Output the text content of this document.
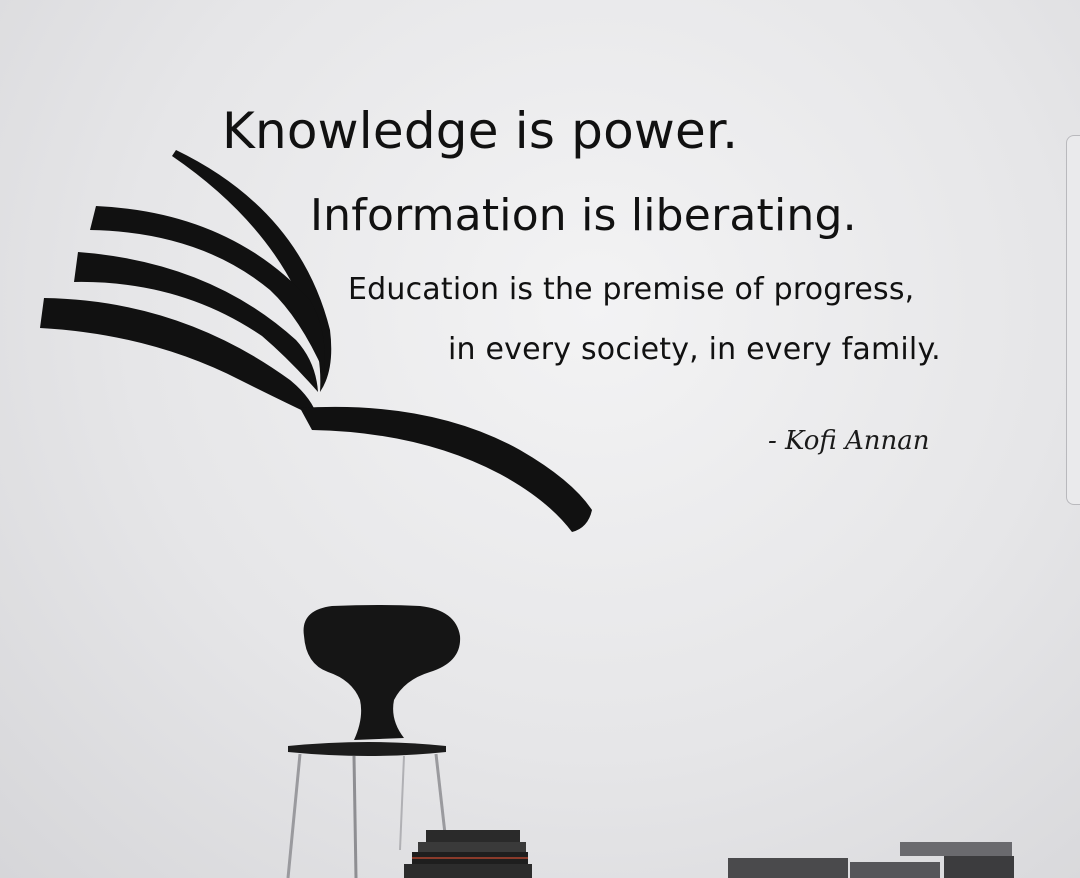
Knowledge is power.
Information is liberating.
Education is the premise of progress,
in every society, in every family.
- Kofi Annan
